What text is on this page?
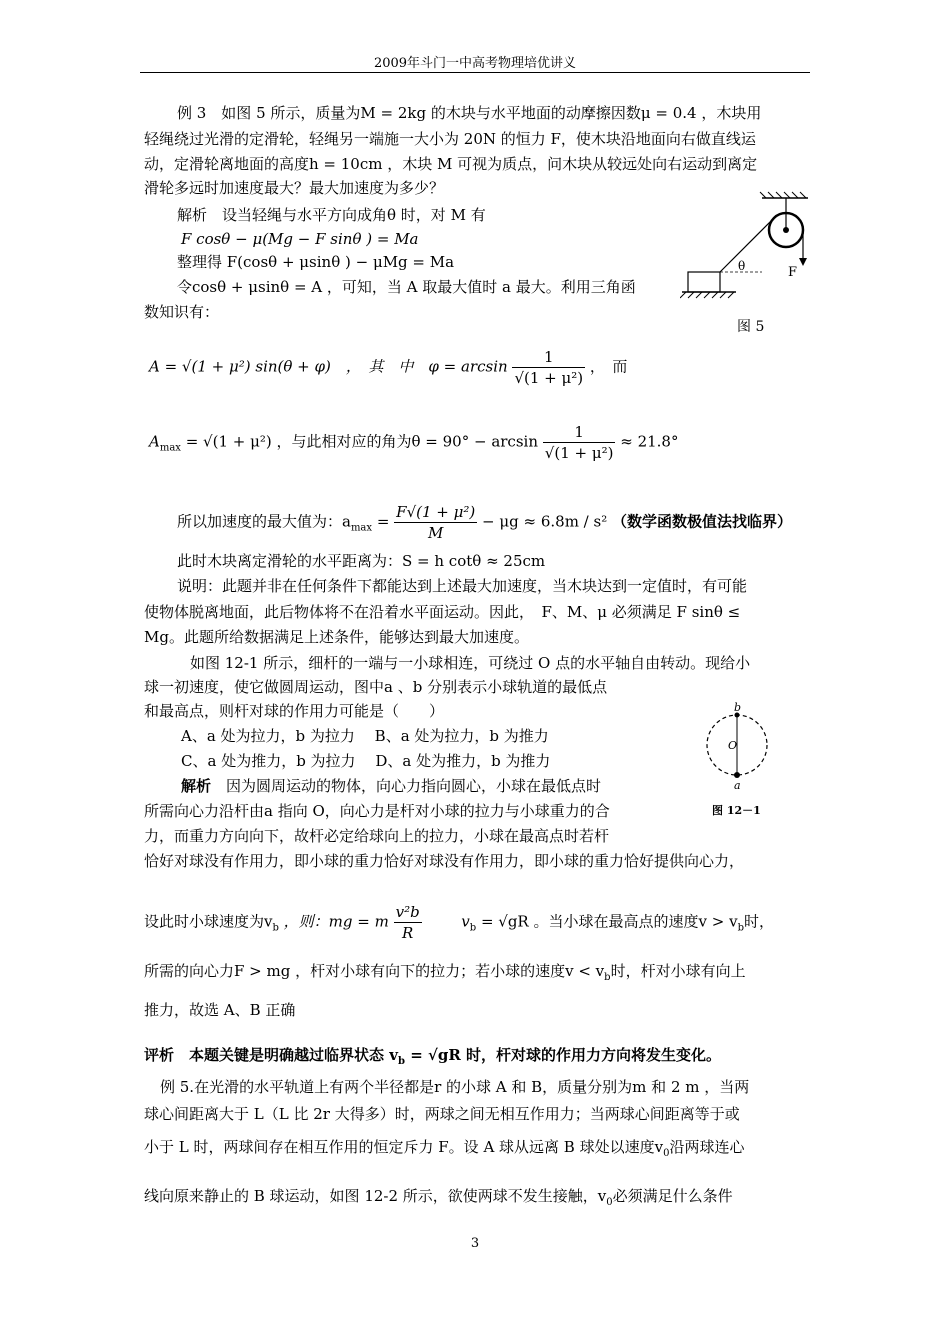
2009年斗门一中高考物理培优讲义
例 3　如图 5 所示，质量为M = 2kg 的木块与水平地面的动摩擦因数μ = 0.4 ，木块用
轻绳绕过光滑的定滑轮，轻绳另一端施一大小为 20N 的恒力 F，使木块沿地面向右做直线运
动，定滑轮离地面的高度h = 10cm ，木块 M 可视为质点，问木块从较远处向右运动到离定
滑轮多远时加速度最大？最大加速度为多少？
解析　设当轻绳与水平方向成角θ 时，对 M 有
F cosθ − μ(Mg − F sinθ ) = Ma
整理得 F(cosθ + μsinθ ) − μMg = Ma
令cosθ + μsinθ = A ，可知，当 A 取最大值时 a 最大。利用三角函
数知识有：
θ	F
图 5
A = √(1 + μ²) sin(θ + φ)　，　其　中　$\varphi = \arcsin \frac{1}{\text{√(1 + μ²)}}$ ，　而
$A_{max} = √(1 + \mu^2)$ ，与此相对应的角为$\theta = 90^\circ - \arcsin \frac{1}{\text{√(1 + μ²)}} \approx 21.8^\circ$
所以加速度的最大值为：$a_{max} = \frac{\text{F√(1 + μ²)}}{M} - \mu g \approx 6.8m / s^2$ （数学函数极值法找临界）
此时木块离定滑轮的水平距离为：S = h cotθ ≈ 25cm
说明：此题并非在任何条件下都能达到上述最大加速度，当木块达到一定值时，有可能
使物体脱离地面，此后物体将不在沿着水平面运动。因此，　F、M、μ 必须满足 F sinθ ≤
Mg。此题所给数据满足上述条件，能够达到最大加速度。
如图 12-1 所示，细杆的一端与一小球相连，可绕过 O 点的水平轴自由转动。现给小
球一初速度，使它做圆周运动，图中a 、b 分别表示小球轨道的最低点
和最高点，则杆对球的作用力可能是（　　）
A、a 处为拉力，b 为拉力　 B、a 处为拉力，b 为推力
C、a 处为推力，b 为拉力　 D、a 处为推力，b 为推力
解析　因为圆周运动的物体，向心力指向圆心，小球在最低点时
所需向心力沿杆由a 指向 O，向心力是杆对小球的拉力与小球重力的合
力，而重力方向向下，故杆必定给球向上的拉力，小球在最高点时若杆
恰好对球没有作用力，即小球的重力恰好对球没有作用力，即小球的重力恰好提供向心力，
b
O
a
图 12－1
设此时小球速度为$v_b$ ，则：mg = m $\frac{\text{v²b}}{R}$	$v_b = √gR$ 。当小球在最高点的速度$v > v_b$时，
所需的向心力F > mg ，杆对小球有向下的拉力；若小球的速度$v < v_b$时，杆对小球有向上
推力，故选 A、B 正确
评析　本题关键是明确越过临界状态 $v_b = √gR$ 时，杆对球的作用力方向将发生变化。
例 5.在光滑的水平轨道上有两个半径都是r 的小球 A 和 B，质量分别为m 和 2 m ，当两
球心间距离大于 L（L 比 2r 大得多）时，两球之间无相互作用力；当两球心间距离等于或
小于 L 时，两球间存在相互作用的恒定斥力 F。设 A 球从远离 B 球处以速度$v_0$沿两球连心
线向原来静止的 B 球运动，如图 12-2 所示，欲使两球不发生接触，$v_0$必须满足什么条件
3
